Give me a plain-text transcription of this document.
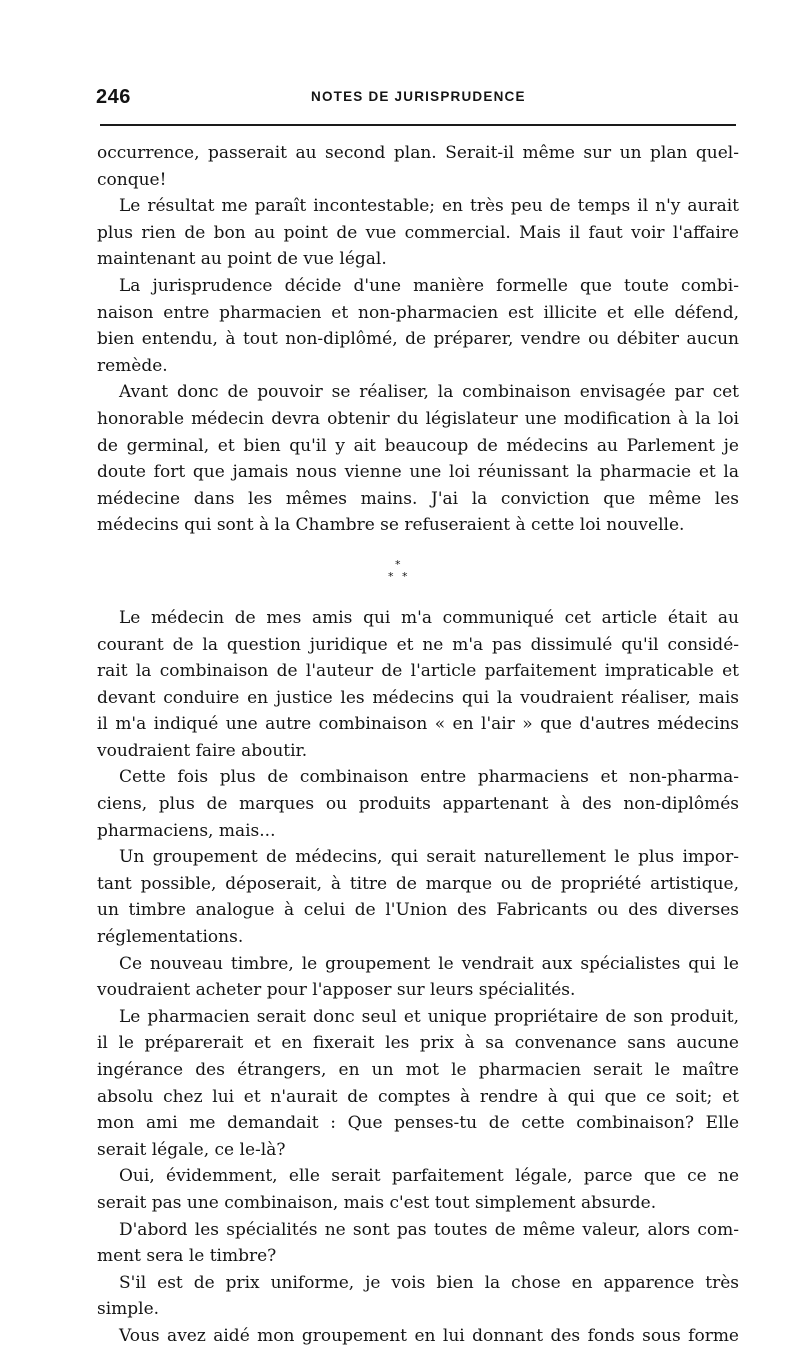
246	NOTES DE JURISPRUDENCE
occurrence, passerait au second plan. Serait-il même sur un plan quel-
conque!
Le résultat me paraît incontestable; en très peu de temps il n'y aurait
plus rien de bon au point de vue commercial. Mais il faut voir l'affaire
maintenant au point de vue légal.
La jurisprudence décide d'une manière formelle que toute combi-
naison entre pharmacien et non-pharmacien est illicite et elle défend,
bien entendu, à tout non-diplômé, de préparer, vendre ou débiter aucun
remède.
Avant donc de pouvoir se réaliser, la combinaison envisagée par cet
honorable médecin devra obtenir du législateur une modification à la loi
de germinal, et bien qu'il y ait beaucoup de médecins au Parlement je
doute fort que jamais nous vienne une loi réunissant la pharmacie et la
médecine dans les mêmes mains. J'ai la conviction que même les
médecins qui sont à la Chambre se refuseraient à cette loi nouvelle.
*
* *
Le médecin de mes amis qui m'a communiqué cet article était au
courant de la question juridique et ne m'a pas dissimulé qu'il considé-
rait la combinaison de l'auteur de l'article parfaitement impraticable et
devant conduire en justice les médecins qui la voudraient réaliser, mais
il m'a indiqué une autre combinaison « en l'air » que d'autres médecins
voudraient faire aboutir.
Cette fois plus de combinaison entre pharmaciens et non-pharma-
ciens, plus de marques ou produits appartenant à des non-diplômés
pharmaciens, mais...
Un groupement de médecins, qui serait naturellement le plus impor-
tant possible, déposerait, à titre de marque ou de propriété artistique,
un timbre analogue à celui de l'Union des Fabricants ou des diverses
réglementations.
Ce nouveau timbre, le groupement le vendrait aux spécialistes qui le
voudraient acheter pour l'apposer sur leurs spécialités.
Le pharmacien serait donc seul et unique propriétaire de son produit,
il le préparerait et en fixerait les prix à sa convenance sans aucune
ingérance des étrangers, en un mot le pharmacien serait le maître
absolu chez lui et n'aurait de comptes à rendre à qui que ce soit; et
mon ami me demandait : Que penses-tu de cette combinaison? Elle
serait légale, ce le-là?
Oui, évidemment, elle serait parfaitement légale, parce que ce ne
serait pas une combinaison, mais c'est tout simplement absurde.
D'abord les spécialités ne sont pas toutes de même valeur, alors com-
ment sera le timbre?
S'il est de prix uniforme, je vois bien la chose en apparence très
simple.
Vous avez aidé mon groupement en lui donnant des fonds sous forme
